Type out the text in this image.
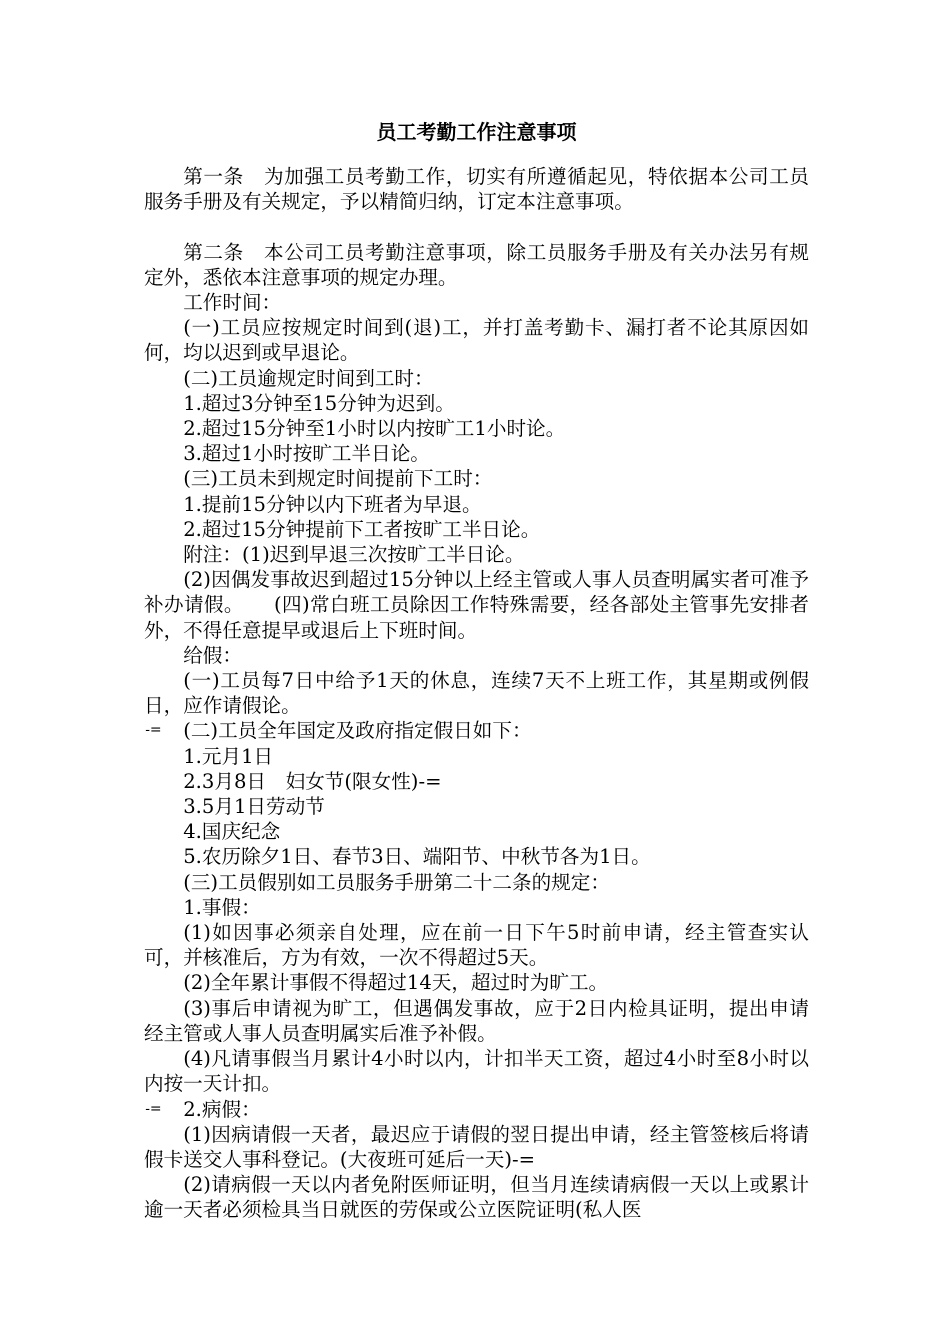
员工考勤工作注意事项

第一条　为加强工员考勤工作，切实有所遵循起见，特依据本公司工员服务手册及有关规定，予以精简归纳，订定本注意事项。

第二条　本公司工员考勤注意事项，除工员服务手册及有关办法另有规定外，悉依本注意事项的规定办理。

工作时间：

(一)工员应按规定时间到(退)工，并打盖考勤卡、漏打者不论其原因如何，均以迟到或早退论。

(二)工员逾规定时间到工时：

1.超过3分钟至15分钟为迟到。

2.超过15分钟至1小时以内按旷工1小时论。

3.超过1小时按旷工半日论。

(三)工员未到规定时间提前下工时：

1.提前15分钟以内下班者为早退。

2.超过15分钟提前下工者按旷工半日论。

附注：(1)迟到早退三次按旷工半日论。

(2)因偶发事故迟到超过15分钟以上经主管或人事人员查明属实者可准予补办请假。　　(四)常白班工员除因工作特殊需要，经各部处主管事先安排者外，不得任意提早或退后上下班时间。

给假：

(一)工员每7日中给予1天的休息，连续7天不上班工作，其星期或例假日，应作请假论。

-= (二)工员全年国定及政府指定假日如下：

1.元月1日

2.3月8日　妇女节(限女性)-=

3.5月1日劳动节

4.国庆纪念

5.农历除夕1日、春节3日、端阳节、中秋节各为1日。

(三)工员假别如工员服务手册第二十二条的规定：

1.事假：

(1)如因事必须亲自处理，应在前一日下午5时前申请，经主管查实认可，并核准后，方为有效，一次不得超过5天。

(2)全年累计事假不得超过14天，超过时为旷工。

(3)事后申请视为旷工，但遇偶发事故，应于2日内检具证明，提出申请经主管或人事人员查明属实后准予补假。

(4)凡请事假当月累计4小时以内，计扣半天工资，超过4小时至8小时以内按一天计扣。

-= 2.病假：

(1)因病请假一天者，最迟应于请假的翌日提出申请，经主管签核后将请假卡送交人事科登记。(大夜班可延后一天)-=

(2)请病假一天以内者免附医师证明，但当月连续请病假一天以上或累计逾一天者必须检具当日就医的劳保或公立医院证明(私人医
